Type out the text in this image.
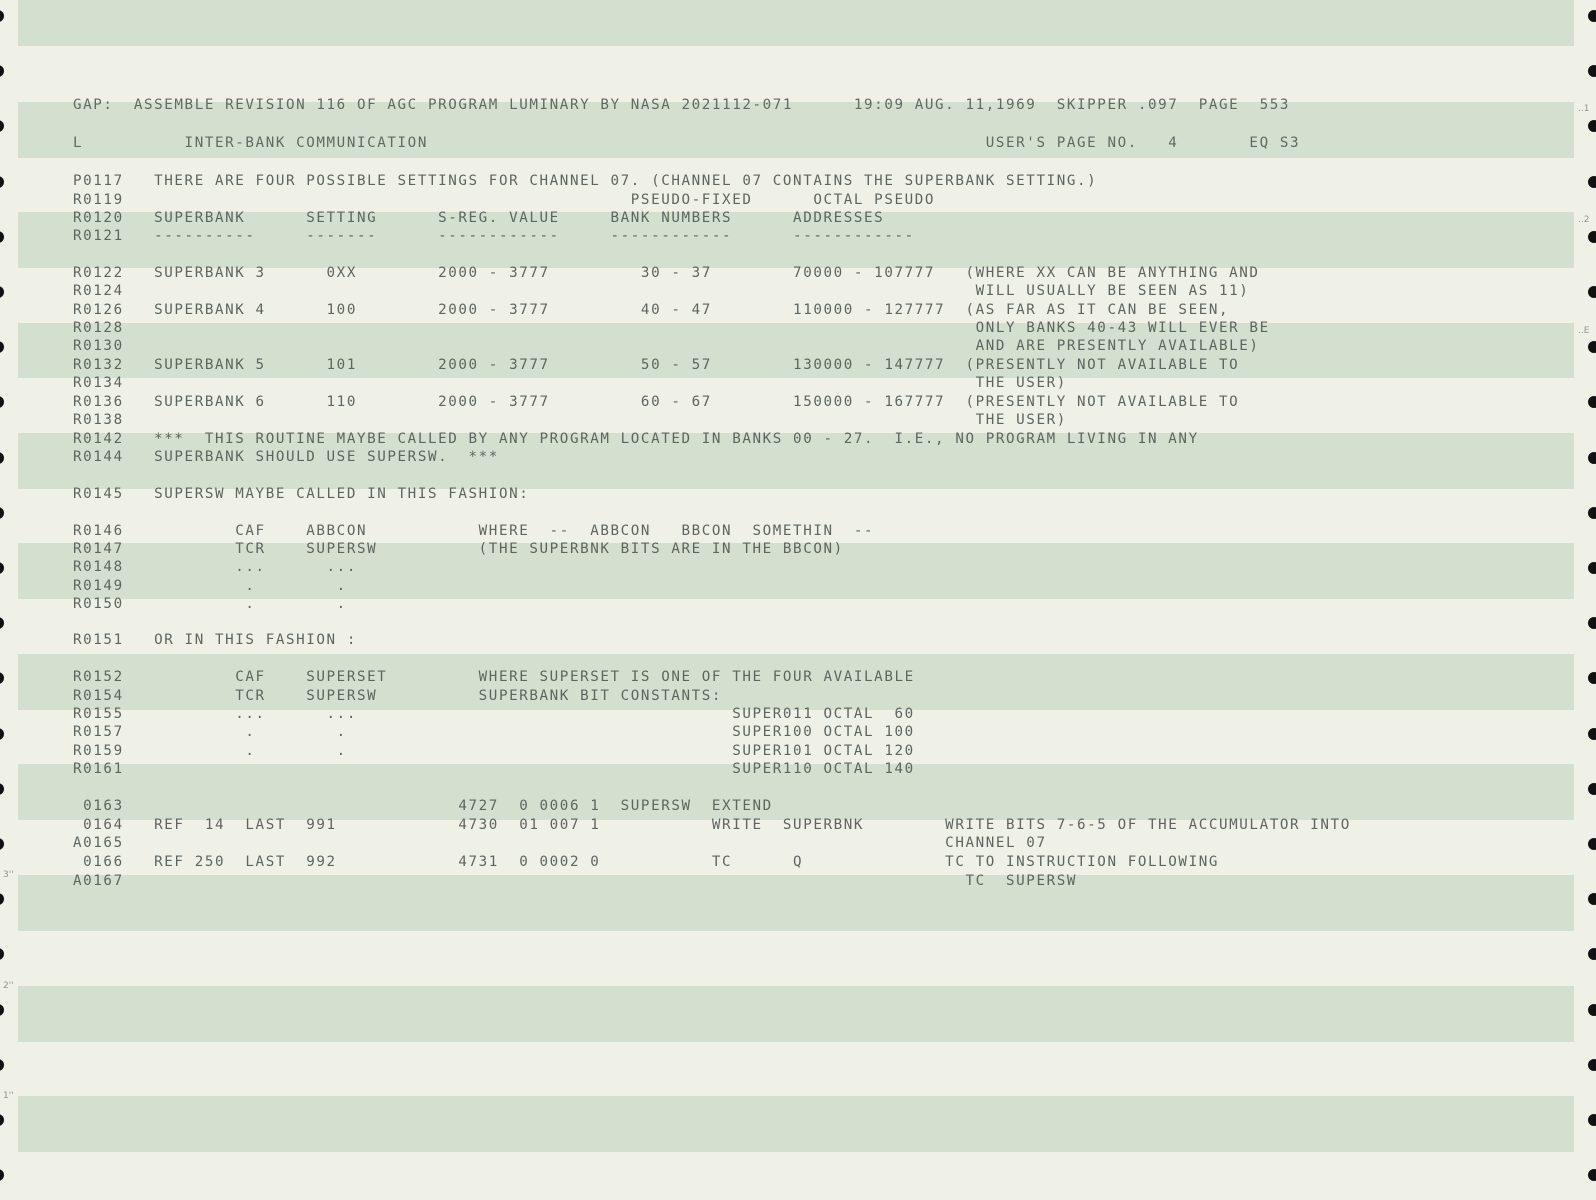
..1
..2
..E
3''
2''
1''
GAP:  ASSEMBLE REVISION 116 OF AGC PROGRAM LUMINARY BY NASA 2021112-071      19:09 AUG. 11,1969  SKIPPER .097  PAGE  553
L          INTER-BANK COMMUNICATION                                                       USER'S PAGE NO.   4       EQ S3
P0117   THERE ARE FOUR POSSIBLE SETTINGS FOR CHANNEL 07. (CHANNEL 07 CONTAINS THE SUPERBANK SETTING.)
R0119                                                  PSEUDO-FIXED      OCTAL PSEUDO
R0120   SUPERBANK      SETTING      S-REG. VALUE     BANK NUMBERS      ADDRESSES
R0121   ----------     -------      ------------     ------------      ------------
R0122   SUPERBANK 3      0XX        2000 - 3777         30 - 37        70000 - 107777   (WHERE XX CAN BE ANYTHING AND
R0124                                                                                    WILL USUALLY BE SEEN AS 11)
R0126   SUPERBANK 4      100        2000 - 3777         40 - 47        110000 - 127777  (AS FAR AS IT CAN BE SEEN,
R0128                                                                                    ONLY BANKS 40-43 WILL EVER BE
R0130                                                                                    AND ARE PRESENTLY AVAILABLE)
R0132   SUPERBANK 5      101        2000 - 3777         50 - 57        130000 - 147777  (PRESENTLY NOT AVAILABLE TO
R0134                                                                                    THE USER)
R0136   SUPERBANK 6      110        2000 - 3777         60 - 67        150000 - 167777  (PRESENTLY NOT AVAILABLE TO
R0138                                                                                    THE USER)
R0142   ***  THIS ROUTINE MAYBE CALLED BY ANY PROGRAM LOCATED IN BANKS 00 - 27.  I.E., NO PROGRAM LIVING IN ANY
R0144   SUPERBANK SHOULD USE SUPERSW.  ***
R0145   SUPERSW MAYBE CALLED IN THIS FASHION:
R0146           CAF    ABBCON           WHERE  --  ABBCON   BBCON  SOMETHIN  --
R0147           TCR    SUPERSW          (THE SUPERBNK BITS ARE IN THE BBCON)
R0148           ...      ...
R0149            .        .
R0150            .        .
R0151   OR IN THIS FASHION :
R0152           CAF    SUPERSET         WHERE SUPERSET IS ONE OF THE FOUR AVAILABLE
R0154           TCR    SUPERSW          SUPERBANK BIT CONSTANTS:
R0155           ...      ...                                     SUPER011 OCTAL  60
R0157            .        .                                      SUPER100 OCTAL 100
R0159            .        .                                      SUPER101 OCTAL 120
R0161                                                            SUPER110 OCTAL 140
0163                                 4727  0 0006 1  SUPERSW  EXTEND
0164   REF  14  LAST  991            4730  01 007 1           WRITE  SUPERBNK        WRITE BITS 7-6-5 OF THE ACCUMULATOR INTO
A0165                                                                                 CHANNEL 07
0166   REF 250  LAST  992            4731  0 0002 0           TC      Q              TC TO INSTRUCTION FOLLOWING
A0167                                                                                   TC  SUPERSW
